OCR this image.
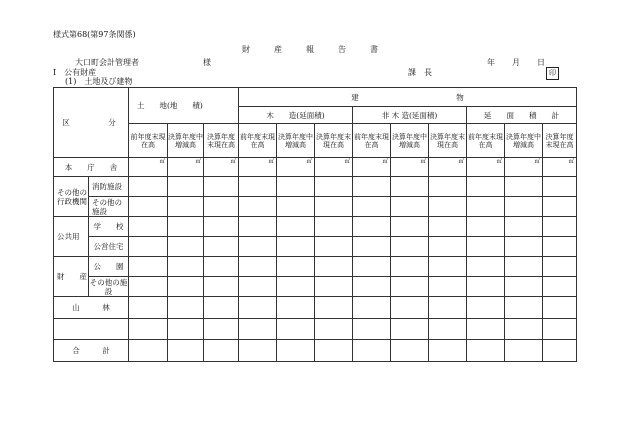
様式第68(第97条関係)
財　　　産　　　報　　　告　　　書
大口町会計管理者	様	年 月 日
Ⅰ　公有財産	課　長	印
(1)　土地及び建物
区　　　分		土　　地(地　　積)			建　　　　　　　　　　　　　物								
					木　　造(延面積)			非 木 造(延面積)			延　　面　　積　　計		
		前年度末現在高	決算年度中増減高	決算年度末現在高	前年度末現在高	決算年度中増減高	決算年度末現在高	前年度末現在高	決算年度中増減高	決算年度末現在高	前年度末現在高	決算年度中増減高	決算年度末現在高
本　　庁　　舎		㎡	㎡	㎡	㎡	㎡	㎡	㎡	㎡	㎡	㎡	㎡	㎡
その他の行政機関	消防施設												
	その他の施設												
公共用	学　　校												
	公営住宅												
財　　産	公　　園												
	その他の施　　設												
山　　　林													

合　　　計													
